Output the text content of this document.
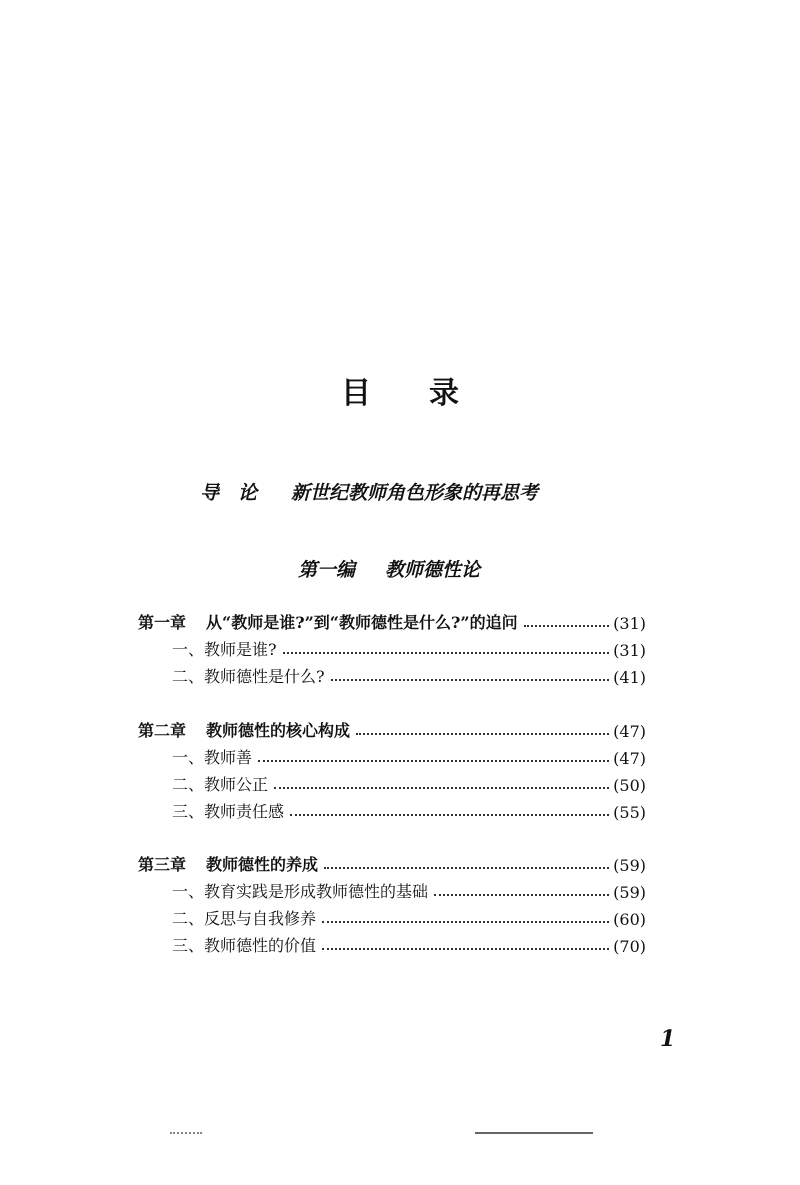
目 录
导　论 新世纪教师角色形象的再思考
第一编 教师德性论
第一章 从“教师是谁?”到“教师德性是什么?”的追问	(31)
一、教师是谁?	(31)
二、教师德性是什么?	(41)
第二章 教师德性的核心构成	(47)
一、教师善	(47)
二、教师公正	(50)
三、教师责任感	(55)
第三章 教师德性的养成	(59)
一、教育实践是形成教师德性的基础	(59)
二、反思与自我修养	(60)
三、教师德性的价值	(70)
1
